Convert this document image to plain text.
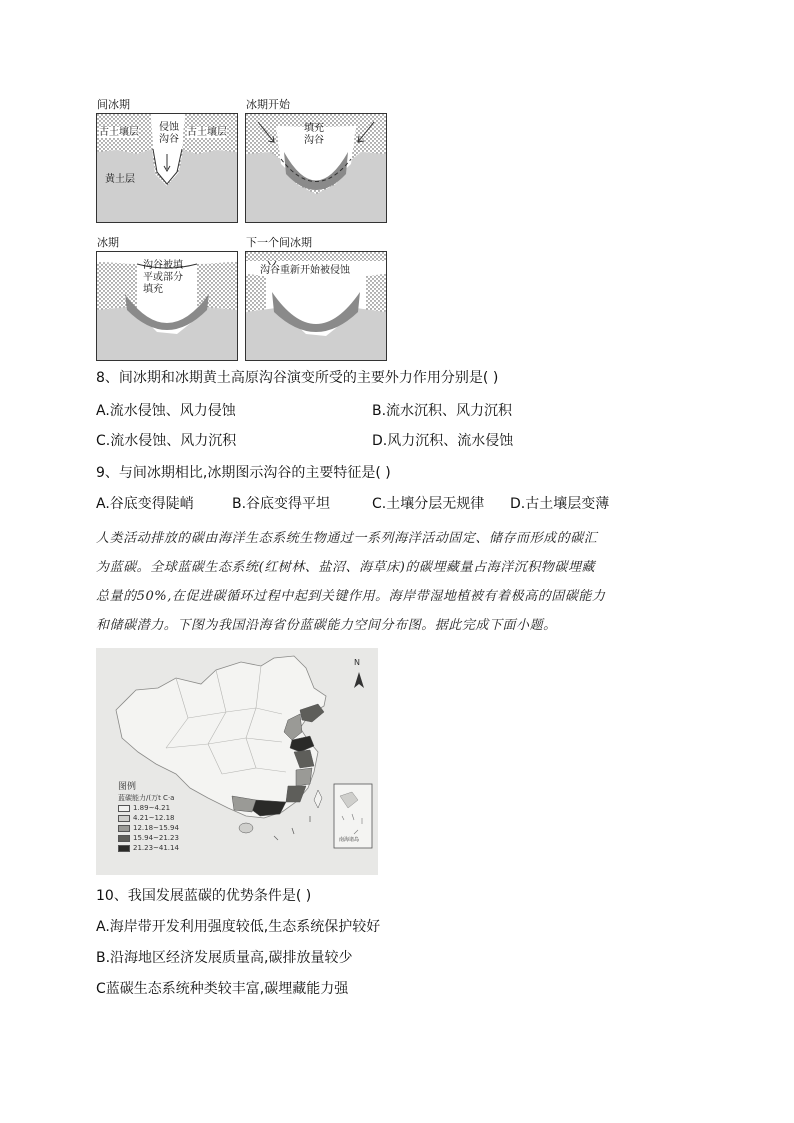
间冰期
古土壤层 侵蚀
沟谷
古土壤层
黄土层
冰期开始
填充
沟谷
冰期
沟谷被填
平或部分
填充
下一个间冰期
沟谷重新开始被侵蚀
8、间冰期和冰期黄土高原沟谷演变所受的主要外力作用分别是( )
A.流水侵蚀、风力侵蚀	B.流水沉积、风力沉积
C.流水侵蚀、风力沉积	D.风力沉积、流水侵蚀
9、与间冰期相比,冰期图示沟谷的主要特征是( )
A.谷底变得陡峭	B.谷底变得平坦	C.土壤分层无规律 D.古土壤层变薄
人类活动排放的碳由海洋生态系统生物通过一系列海洋活动固定、储存而形成的碳汇
为蓝碳。全球蓝碳生态系统(红树林、盐沼、海草床)的碳埋藏量占海洋沉积物碳埋藏
总量的50%,在促进碳循环过程中起到关键作用。海岸带湿地植被有着极高的固碳能力
和储碳潜力。下图为我国沿海省份蓝碳能力空间分布图。据此完成下面小题。
N
南海诸岛
图例
蓝碳能力/(万t C·a
1.89~4.21
4.21~12.18
12.18~15.94
15.94~21.23
21.23~41.14
10、我国发展蓝碳的优势条件是( )
A.海岸带开发利用强度较低,生态系统保护较好
B.沿海地区经济发展质量高,碳排放量较少
C蓝碳生态系统种类较丰富,碳埋藏能力强
